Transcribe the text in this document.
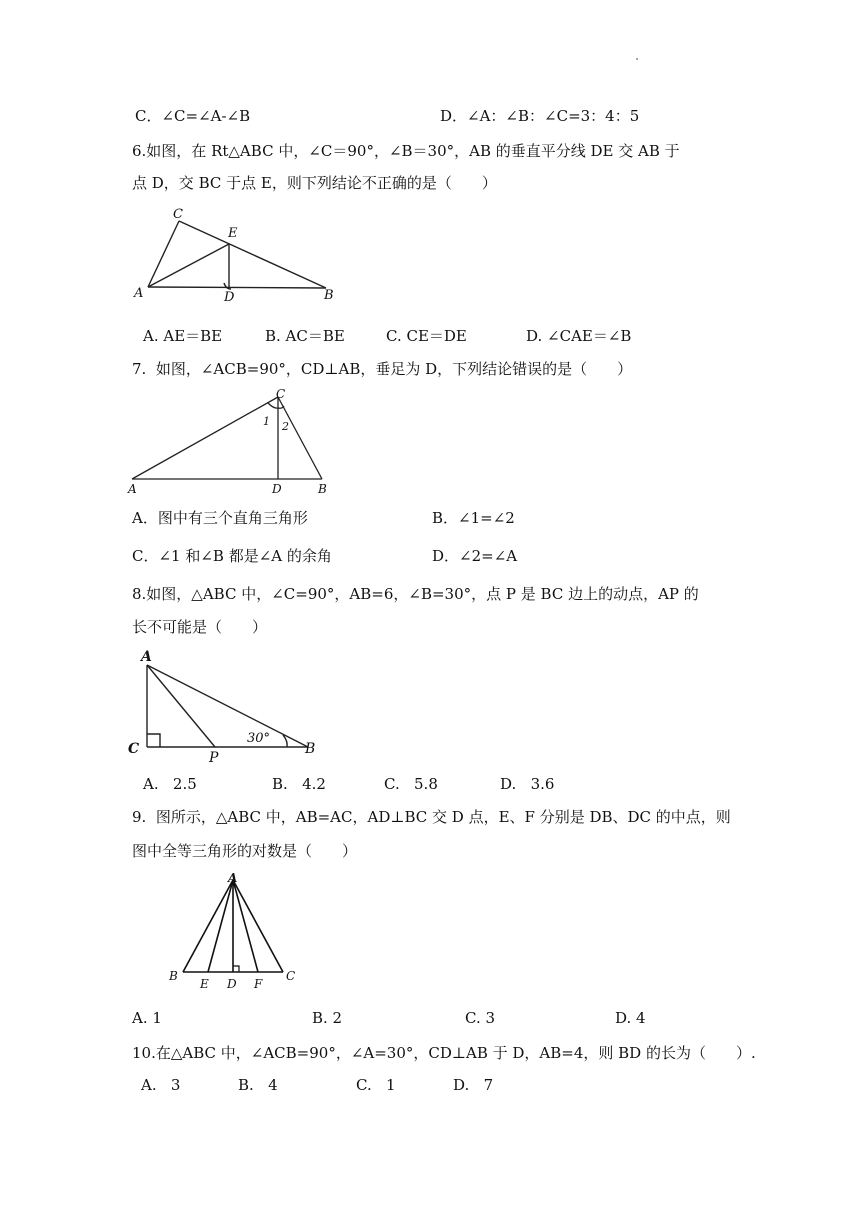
C．∠C=∠A-∠B	D．∠A：∠B：∠C=3：4：5
6.如图，在 Rt△ABC 中，∠C＝90°，∠B＝30°，AB 的垂直平分线 DE 交 AB 于
点 D，交 BC 于点 E，则下列结论不正确的是（　　）
C
E
A	D	B
A. AE＝BE	B. AC＝BE	C. CE＝DE	D. ∠CAE＝∠B
7.  如图，∠ACB=90°，CD⊥AB，垂足为 D，下列结论错误的是（　　）
C
1 2
A	D	B
A．图中有三个直角三角形	B．∠1=∠2
C．∠1 和∠B 都是∠A 的余角	D．∠2=∠A
8.如图，△ABC 中，∠C=90°，AB=6，∠B=30°，点 P 是 BC 边上的动点，AP 的
长不可能是（　　）
A
C
P
B
30°
A.   2.5	B.   4.2	C.   5.8	D.   3.6
9.  图所示，△ABC 中，AB=AC，AD⊥BC 交 D 点，E、F 分别是 DB、DC 的中点，则
图中全等三角形的对数是（　　）
A
B
E D F
C
A. 1	B. 2	C. 3	D. 4
10.在△ABC 中，∠ACB=90°，∠A=30°，CD⊥AB 于 D，AB=4，则 BD 的长为（　　）.
A.   3	B.   4	C.   1	D.   7
